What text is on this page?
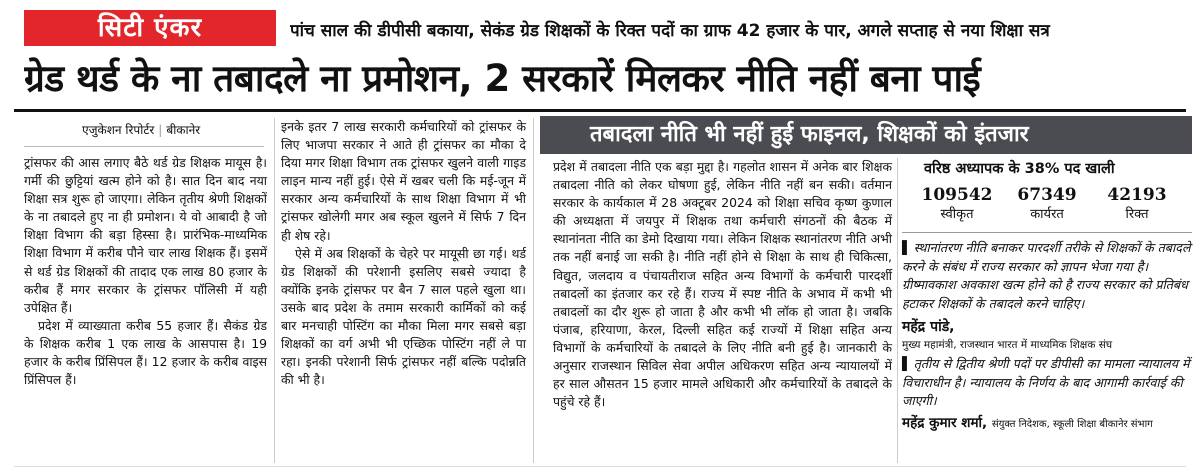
सिटी एंकर	पांच साल की डीपीसी बकाया, सेकंड ग्रेड शिक्षकों के रिक्त पदों का ग्राफ 42 हजार के पार, अगले सप्ताह से नया शिक्षा सत्र
ग्रेड थर्ड के ना तबादले ना प्रमोशन, 2 सरकारें मिलकर नीति नहीं बना पाई
एजुकेशन रिपोर्टर | बीकानेर

ट्रांसफर की आस लगाए बैठे थर्ड ग्रेड शिक्षक मायूस है। गर्मी की छुट्टियां खत्म होने को है। सात दिन बाद नया शिक्षा सत्र शुरू हो जाएगा। लेकिन तृतीय श्रेणी शिक्षकों के ना तबादले हुए ना ही प्रमोशन। ये वो आबादी है जो शिक्षा विभाग की बड़ा हिस्सा है। प्रारंभिक-माध्यमिक शिक्षा विभाग में करीब पौने चार लाख शिक्षक हैं। इसमें से थर्ड ग्रेड शिक्षकों की तादाद एक लाख 80 हजार के करीब हैं मगर सरकार के ट्रांसफर पॉलिसी में यही उपेक्षित हैं।

प्रदेश में व्याख्याता करीब 55 हजार हैं। सैकंड ग्रेड के शिक्षक करीब 1 एक लाख के आसपास है। 19 हजार के करीब प्रिंसिपल हैं। 12 हजार के करीब वाइस प्रिंसिपल हैं।

इनके इतर 7 लाख सरकारी कर्मचारियों को ट्रांसफर के लिए भाजपा सरकार ने आते ही ट्रांसफर का मौका दे दिया मगर शिक्षा विभाग तक ट्रांसफर खुलने वाली गाइड लाइन मान्य नहीं हुई। ऐसे में खबर चली कि मई-जून में सरकार अन्य कर्मचारियों के साथ शिक्षा विभाग में भी ट्रांसफर खोलेगी मगर अब स्कूल खुलने में सिर्फ 7 दिन ही शेष रहे।

ऐसे में अब शिक्षकों के चेहरे पर मायूसी छा गई। थर्ड ग्रेड शिक्षकों की परेशानी इसलिए सबसे ज्यादा है क्योंकि इनके ट्रांसफर पर बैन 7 साल पहले खुला था। उसके बाद प्रदेश के तमाम सरकारी कार्मिकों को कई बार मनचाही पोस्टिंग का मौका मिला मगर सबसे बड़ा शिक्षकों का वर्ग अभी भी एच्छिक पोस्टिंग नहीं ले पा रहा। इनकी परेशानी सिर्फ ट्रांसफर नहीं बल्कि पदोन्नति की भी है।

तबादला नीति भी नहीं हुई फाइनल, शिक्षकों को इंतजार

प्रदेश में तबादला नीति एक बड़ा मुद्दा है। गहलोत शासन में अनेक बार शिक्षक तबादला नीति को लेकर घोषणा हुई, लेकिन नीति नहीं बन सकी। वर्तमान सरकार के कार्यकाल में 28 अक्टूबर 2024 को शिक्षा सचिव कृष्ण कुणाल की अध्यक्षता में जयपुर में शिक्षक तथा कर्मचारी संगठनों की बैठक में स्थानांनता नीति का डेमो दिखाया गया। लेकिन शिक्षक स्थानांतरण नीति अभी तक नहीं बनाई जा सकी है। नीति नहीं होने से शिक्षा के साथ ही चिकित्सा, विद्युत, जलदाय व पंचायतीराज सहित अन्य विभागों के कर्मचारी पारदर्शी तबादलों का इंतजार कर रहे हैं। राज्य में स्पष्ट नीति के अभाव में कभी भी तबादलों का दौर शुरू हो जाता है और कभी भी लॉक हो जाता है। जबकि पंजाब, हरियाणा, केरल, दिल्ली सहित कई राज्यों में शिक्षा सहित अन्य विभागों के कर्मचारियों के तबादले के लिए नीति बनी हुई है। जानकारी के अनुसार राजस्थान सिविल सेवा अपील अधिकरण सहित अन्य न्यायालयों में हर साल औसतन 15 हजार मामले अधिकारी और कर्मचारियों के तबादले के पहुंचे रहे हैं।

वरिष्ठ अध्यापक के 38% पद खाली
109542
स्वीकृत
67349
कार्यरत
42193
रिक्त
▌ स्थानांतरण नीति बनाकर पारदर्शी तरीके से शिक्षकों के तबादले करने के संबंध में राज्य सरकार को ज्ञापन भेजा गया है। ग्रीष्मावकाश अवकाश खत्म होने को है राज्य सरकार को प्रतिबंध हटाकर शिक्षकों के तबादले करने चाहिए।
महेंद्र पांडे,
मुख्य महामंत्री, राजस्थान भारत में माध्यमिक शिक्षक संघ
▌ तृतीय से द्वितीय श्रेणी पदों पर डीपीसी का मामला न्यायालय में विचाराधीन है। न्यायालय के निर्णय के बाद आगामी कार्रवाई की जाएगी।
महेंद्र कुमार शर्मा, संयुक्त निदेशक, स्कूली शिक्षा बीकानेर संभाग
